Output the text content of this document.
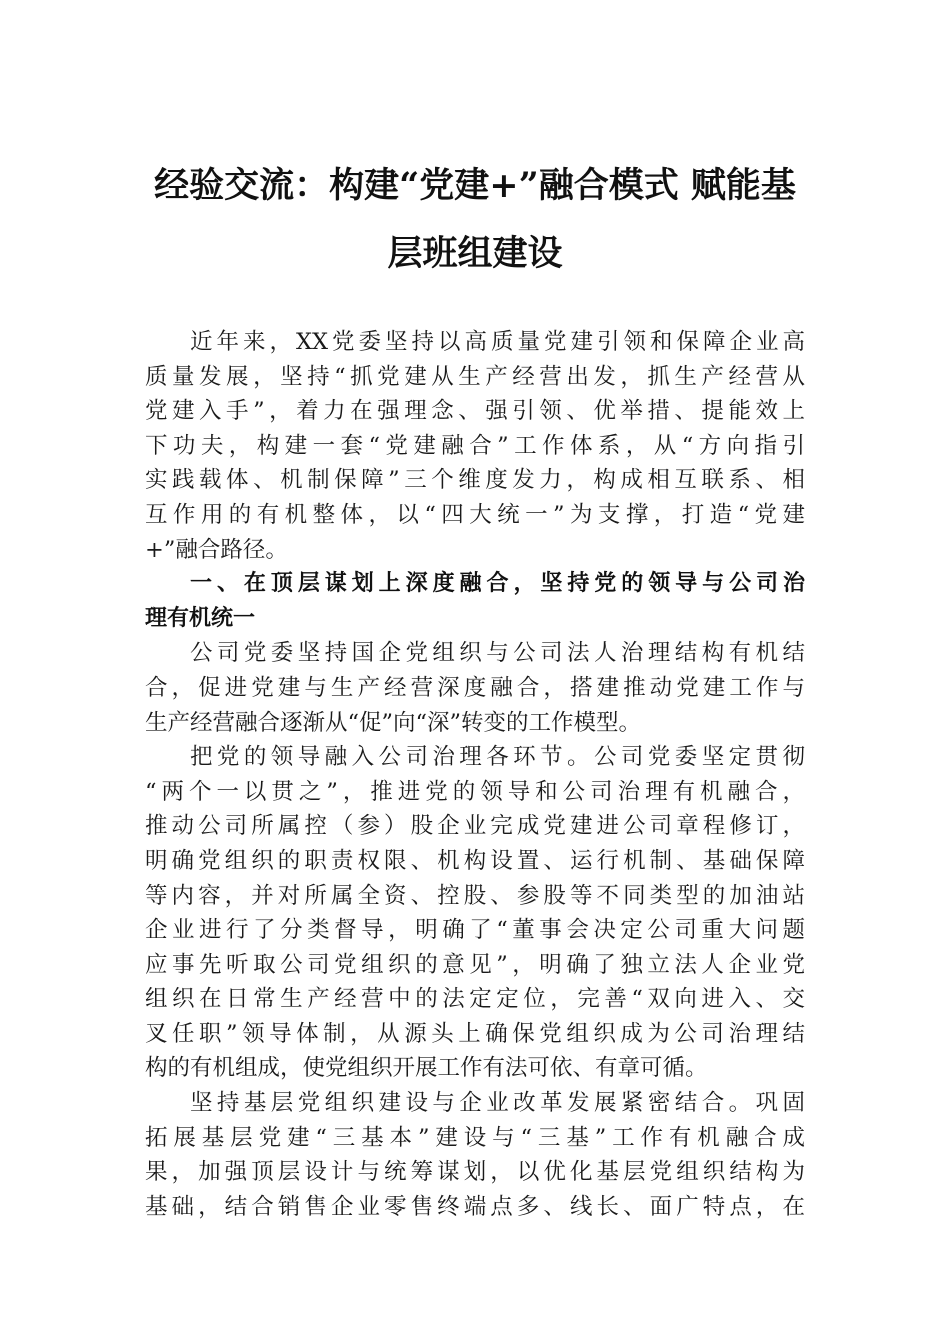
经验交流：构建“党建+”融合模式 赋能基
层班组建设
近年来，XX党委坚持以高质量党建引领和保障企业高
质量发展，坚持“抓党建从生产经营出发，抓生产经营从
党建入手”，着力在强理念、强引领、优举措、提能效上
下功夫，构建一套“党建融合”工作体系，从“方向指引
实践载体、机制保障”三个维度发力，构成相互联系、相
互作用的有机整体，以“四大统一”为支撑，打造“党建
+”融合路径。
一、在顶层谋划上深度融合，坚持党的领导与公司治
理有机统一
公司党委坚持国企党组织与公司法人治理结构有机结
合，促进党建与生产经营深度融合，搭建推动党建工作与
生产经营融合逐渐从“促”向“深”转变的工作模型。
把党的领导融入公司治理各环节。公司党委坚定贯彻
“两个一以贯之”，推进党的领导和公司治理有机融合，
推动公司所属控（参）股企业完成党建进公司章程修订，
明确党组织的职责权限、机构设置、运行机制、基础保障
等内容，并对所属全资、控股、参股等不同类型的加油站
企业进行了分类督导，明确了“董事会决定公司重大问题
应事先听取公司党组织的意见”，明确了独立法人企业党
组织在日常生产经营中的法定定位，完善“双向进入、交
叉任职”领导体制，从源头上确保党组织成为公司治理结
构的有机组成，使党组织开展工作有法可依、有章可循。
坚持基层党组织建设与企业改革发展紧密结合。巩固
拓展基层党建“三基本”建设与“三基”工作有机融合成
果，加强顶层设计与统筹谋划，以优化基层党组织结构为
基础，结合销售企业零售终端点多、线长、面广特点，在
